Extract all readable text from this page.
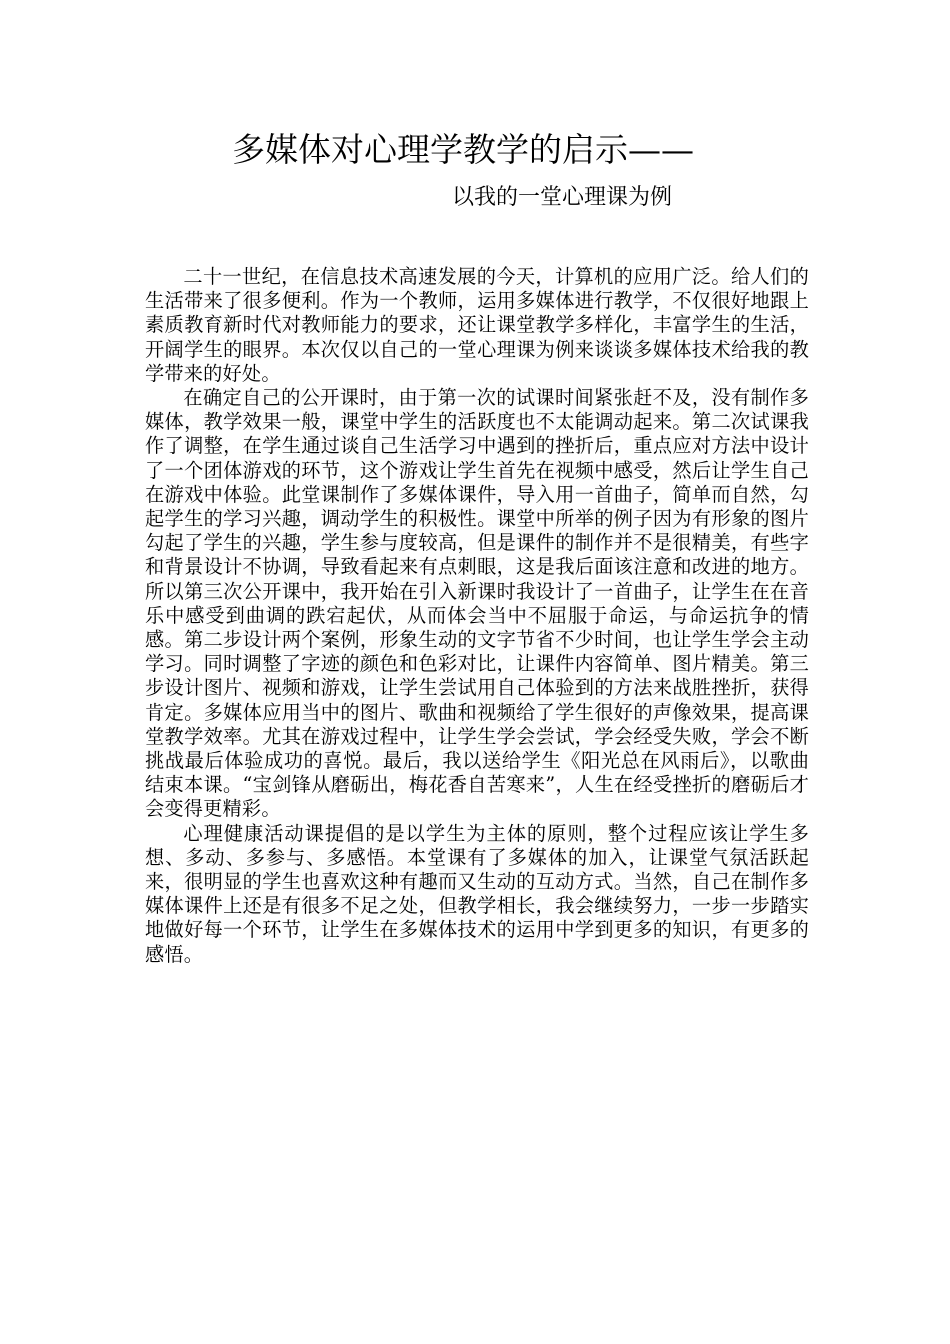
多媒体对心理学教学的启示——
以我的一堂心理课为例

二十一世纪，在信息技术高速发展的今天，计算机的应用广泛。给人们的生活带来了很多便利。作为一个教师，运用多媒体进行教学，不仅很好地跟上素质教育新时代对教师能力的要求，还让课堂教学多样化，丰富学生的生活，开阔学生的眼界。本次仅以自己的一堂心理课为例来谈谈多媒体技术给我的教学带来的好处。

在确定自己的公开课时，由于第一次的试课时间紧张赶不及，没有制作多媒体，教学效果一般，课堂中学生的活跃度也不太能调动起来。第二次试课我作了调整，在学生通过谈自己生活学习中遇到的挫折后，重点应对方法中设计了一个团体游戏的环节，这个游戏让学生首先在视频中感受，然后让学生自己在游戏中体验。此堂课制作了多媒体课件，导入用一首曲子，简单而自然，勾起学生的学习兴趣，调动学生的积极性。课堂中所举的例子因为有形象的图片勾起了学生的兴趣，学生参与度较高，但是课件的制作并不是很精美，有些字和背景设计不协调，导致看起来有点刺眼，这是我后面该注意和改进的地方。所以第三次公开课中，我开始在引入新课时我设计了一首曲子，让学生在在音乐中感受到曲调的跌宕起伏，从而体会当中不屈服于命运，与命运抗争的情感。第二步设计两个案例，形象生动的文字节省不少时间，也让学生学会主动学习。同时调整了字迹的颜色和色彩对比，让课件内容简单、图片精美。第三步设计图片、视频和游戏，让学生尝试用自己体验到的方法来战胜挫折，获得肯定。多媒体应用当中的图片、歌曲和视频给了学生很好的声像效果，提高课堂教学效率。尤其在游戏过程中，让学生学会尝试，学会经受失败，学会不断挑战最后体验成功的喜悦。最后，我以送给学生《阳光总在风雨后》，以歌曲结束本课。“宝剑锋从磨砺出，梅花香自苦寒来”，人生在经受挫折的磨砺后才会变得更精彩。

心理健康活动课提倡的是以学生为主体的原则，整个过程应该让学生多想、多动、多参与、多感悟。本堂课有了多媒体的加入，让课堂气氛活跃起来，很明显的学生也喜欢这种有趣而又生动的互动方式。当然，自己在制作多媒体课件上还是有很多不足之处，但教学相长，我会继续努力，一步一步踏实地做好每一个环节，让学生在多媒体技术的运用中学到更多的知识，有更多的感悟。
